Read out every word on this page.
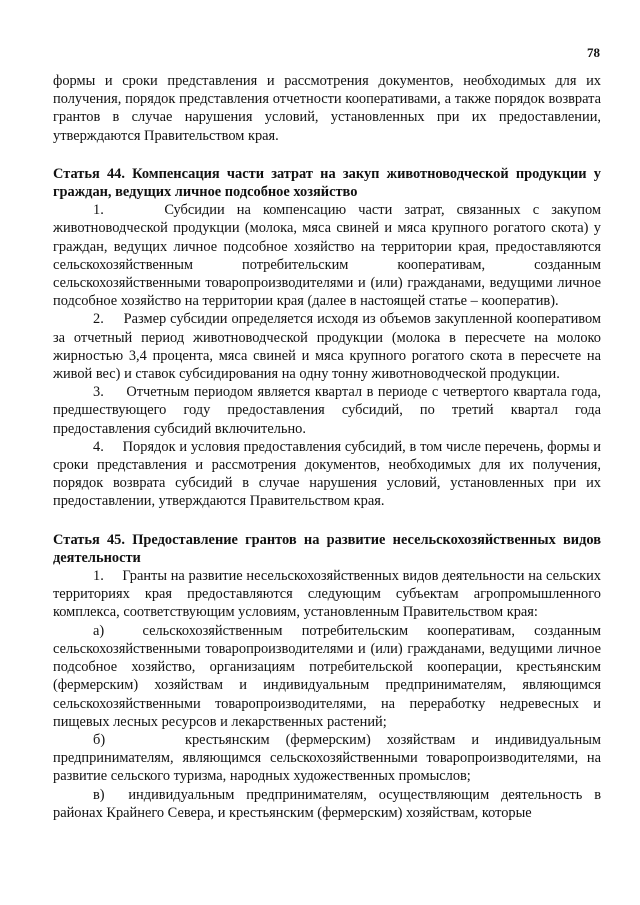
78

формы и сроки представления и рассмотрения документов, необходимых для их получения, порядок представления отчетности кооперативами, а также порядок возврата грантов в случае нарушения условий, установленных при их предоставлении, утверждаются Правительством края.

Статья 44. Компенсация части затрат на закуп животноводческой продукции у граждан, ведущих личное подсобное хозяйство

1.     Субсидии на компенсацию части затрат, связанных с закупом животноводческой продукции (молока, мяса свиней и мяса крупного рогатого скота) у граждан, ведущих личное подсобное хозяйство на территории края, предоставляются сельскохозяйственным потребительским кооперативам, созданным сельскохозяйственными товаропроизводителями и (или) гражданами, ведущими личное подсобное хозяйство на территории края (далее в настоящей статье – кооператив).

2.     Размер субсидии определяется исходя из объемов закупленной кооперативом за отчетный период животноводческой продукции (молока в пересчете на молоко жирностью 3,4 процента, мяса свиней и мяса крупного рогатого скота в пересчете на живой вес) и ставок субсидирования на одну тонну животноводческой продукции.

3.     Отчетным периодом является квартал в периоде с четвертого квартала года, предшествующего году предоставления субсидий, по третий квартал года предоставления субсидий включительно.

4.     Порядок и условия предоставления субсидий, в том числе перечень, формы и сроки представления и рассмотрения документов, необходимых для их получения, порядок возврата субсидий в случае нарушения условий, установленных при их предоставлении, утверждаются Правительством края.

Статья 45. Предоставление грантов на развитие несельскохозяйственных видов деятельности

1.     Гранты на развитие несельскохозяйственных видов деятельности на сельских территориях края предоставляются следующим субъектам агропромышленного комплекса, соответствующим условиям, установленным Правительством края:

а)  сельскохозяйственным потребительским кооперативам, созданным сельскохозяйственными товаропроизводителями и (или) гражданами, ведущими личное подсобное хозяйство, организациям потребительской кооперации, крестьянским (фермерским) хозяйствам и индивидуальным предпринимателям, являющимся сельскохозяйственными товаропроизводителями, на переработку недревесных и пищевых лесных ресурсов и лекарственных растений;

б)     крестьянским (фермерским) хозяйствам и индивидуальным предпринимателям, являющимся сельскохозяйственными товаропроизводителями, на развитие сельского туризма, народных художественных промыслов;

в)  индивидуальным предпринимателям, осуществляющим деятельность в районах Крайнего Севера, и крестьянским (фермерским) хозяйствам, которые
